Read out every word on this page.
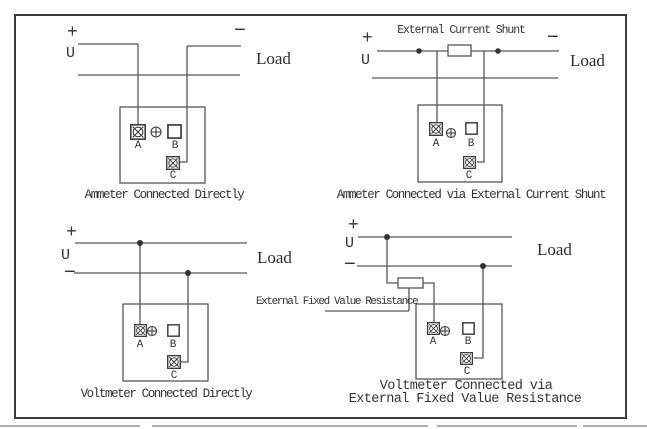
+
U
−
Load
A	B
C
Ammeter Connected Directly
External Current Shunt
+
U
−
Load
A	B
C
Ammeter Connected via External Current Shunt
+
U
−
Load
A	B
C
Voltmeter Connected Directly
+
U
−
Load
External Fixed Value Resistance
A	B
C
Voltmeter Connected via
External Fixed Value Resistance
